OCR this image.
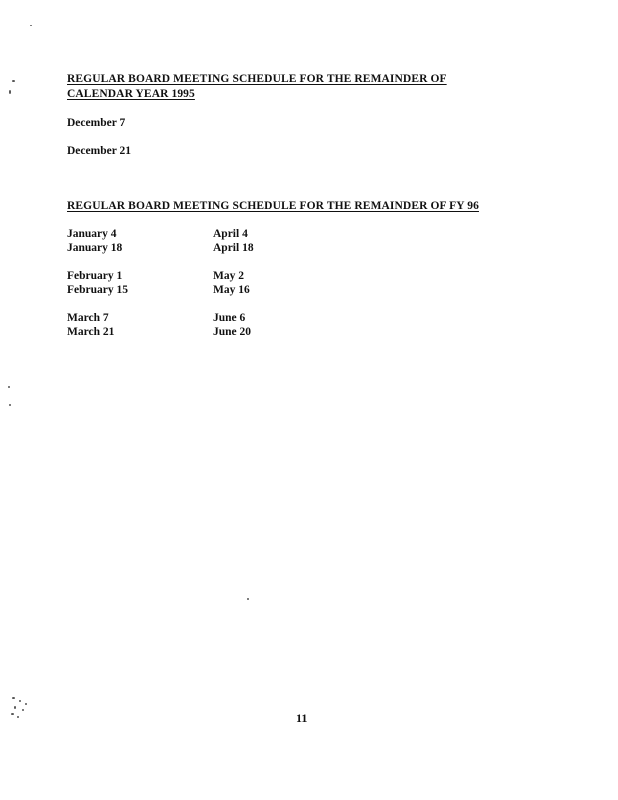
REGULAR BOARD MEETING SCHEDULE FOR THE REMAINDER OF
CALENDAR YEAR 1995
December 7
December 21
REGULAR BOARD MEETING SCHEDULE FOR THE REMAINDER OF FY 96
January 4
January 18
February 1
February 15
March 7
March 21
April 4
April 18
May 2
May 16
June 6
June 20
11
